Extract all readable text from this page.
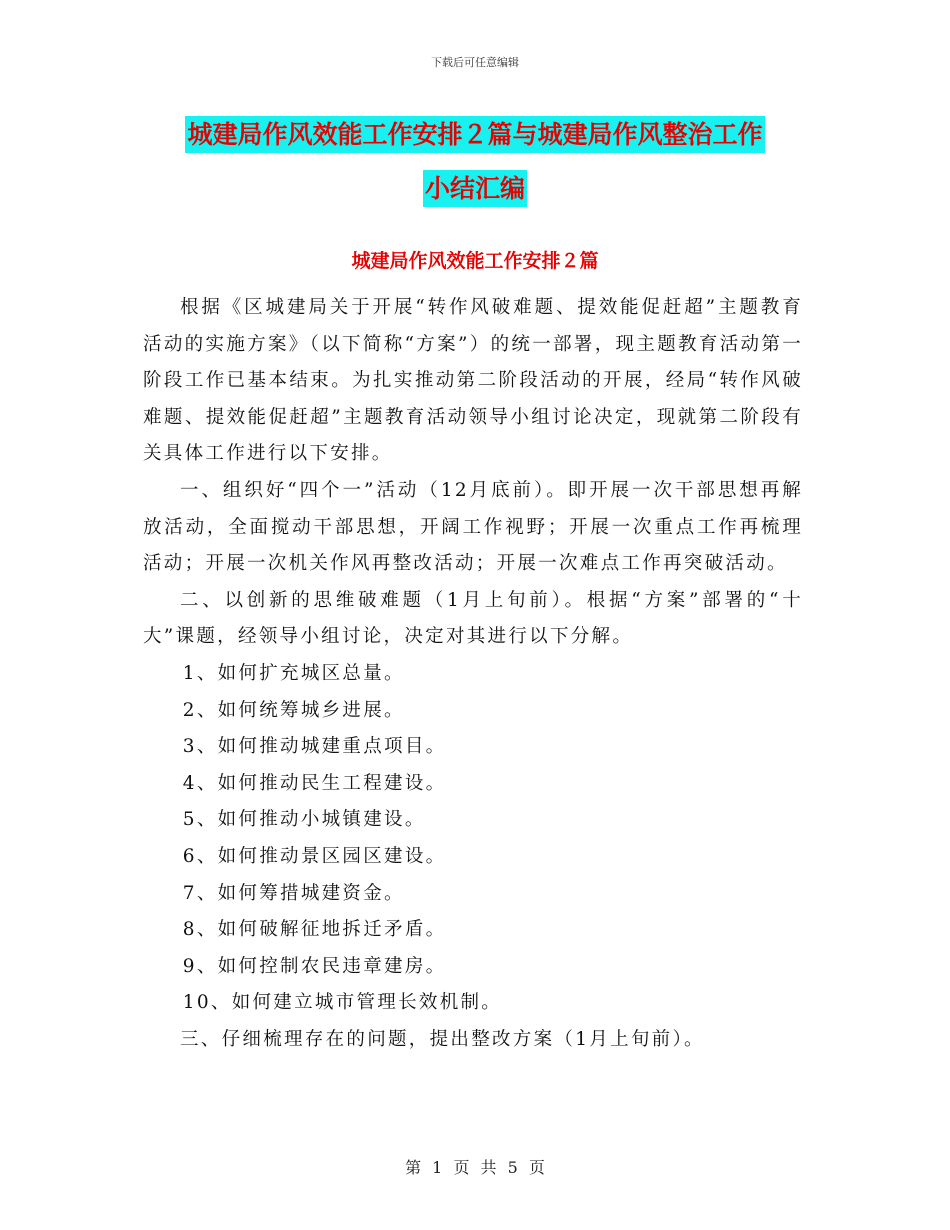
下载后可任意编辑
城建局作风效能工作安排２篇与城建局作风整治工作
小结汇编
城建局作风效能工作安排２篇

根据《区城建局关于开展“转作风破难题、提效能促赶超”主题教育活动的实施方案》（以下简称“方案”）的统一部署，现主题教育活动第一阶段工作已基本结束。为扎实推动第二阶段活动的开展，经局“转作风破难题、提效能促赶超”主题教育活动领导小组讨论决定，现就第二阶段有关具体工作进行以下安排。

一、组织好“四个一”活动（12月底前）。即开展一次干部思想再解放活动，全面搅动干部思想，开阔工作视野；开展一次重点工作再梳理活动；开展一次机关作风再整改活动；开展一次难点工作再突破活动。

二、以创新的思维破难题（1月上旬前）。根据“方案”部署的“十大”课题，经领导小组讨论，决定对其进行以下分解。

1、如何扩充城区总量。

2、如何统筹城乡进展。

3、如何推动城建重点项目。

4、如何推动民生工程建设。

5、如何推动小城镇建设。

6、如何推动景区园区建设。

7、如何筹措城建资金。

8、如何破解征地拆迁矛盾。

9、如何控制农民违章建房。

10、如何建立城市管理长效机制。

三、仔细梳理存在的问题，提出整改方案（1月上旬前）。

第 1 页 共 5 页
